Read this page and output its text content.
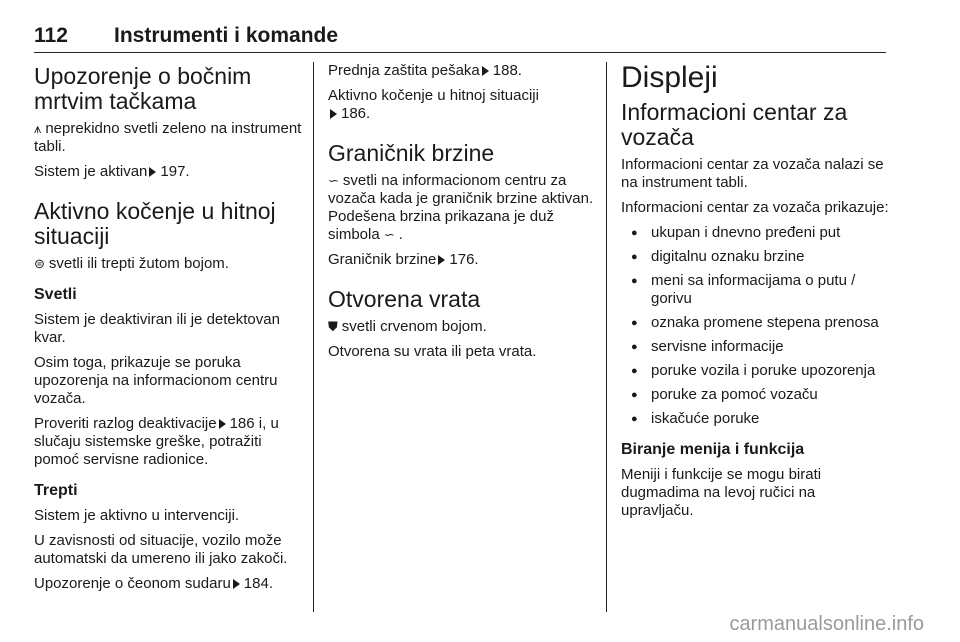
112 Instrumenti i komande
Upozorenje o bočnim mrtvim tačkama

⩚ neprekidno svetli zeleno na instrument tabli.

Sistem je aktivan 197.

Aktivno kočenje u hitnoj situaciji

⊜ svetli ili trepti žutom bojom.

Svetli

Sistem je deaktiviran ili je detektovan kvar.

Osim toga, prikazuje se poruka upozorenja na informacionom centru vozača.

Proveriti razlog deaktivacije 186 i, u slučaju sistemske greške, potražiti pomoć servisne radionice.

Trepti

Sistem je aktivno u intervenciji.

U zavisnosti od situacije, vozilo može automatski da umereno ili jako zakoči.

Upozorenje o čeonom sudaru 184.

Prednja zaštita pešaka 188.

Aktivno kočenje u hitnoj situaciji
186.

Graničnik brzine

∽ svetli na informacionom centru za vozača kada je graničnik brzine aktivan. Podešena brzina prikazana je duž simbola ∽ .

Graničnik brzine 176.

Otvorena vrata

⛊ svetli crvenom bojom.

Otvorena su vrata ili peta vrata.

Displeji
Informacioni centar za vozača

Informacioni centar za vozača nalazi se na instrument tabli.

Informacioni centar za vozača prikazuje:

● ukupan i dnevno pređeni put
● digitalnu oznaku brzine
● meni sa informacijama o putu / gorivu
● oznaka promene stepena prenosa
● servisne informacije
● poruke vozila i poruke upozorenja
● poruke za pomoć vozaču
● iskačuće poruke
Biranje menija i funkcija

Meniji i funkcije se mogu birati dugmadima na levoj ručici na upravljaču.

carmanualsonline.info
